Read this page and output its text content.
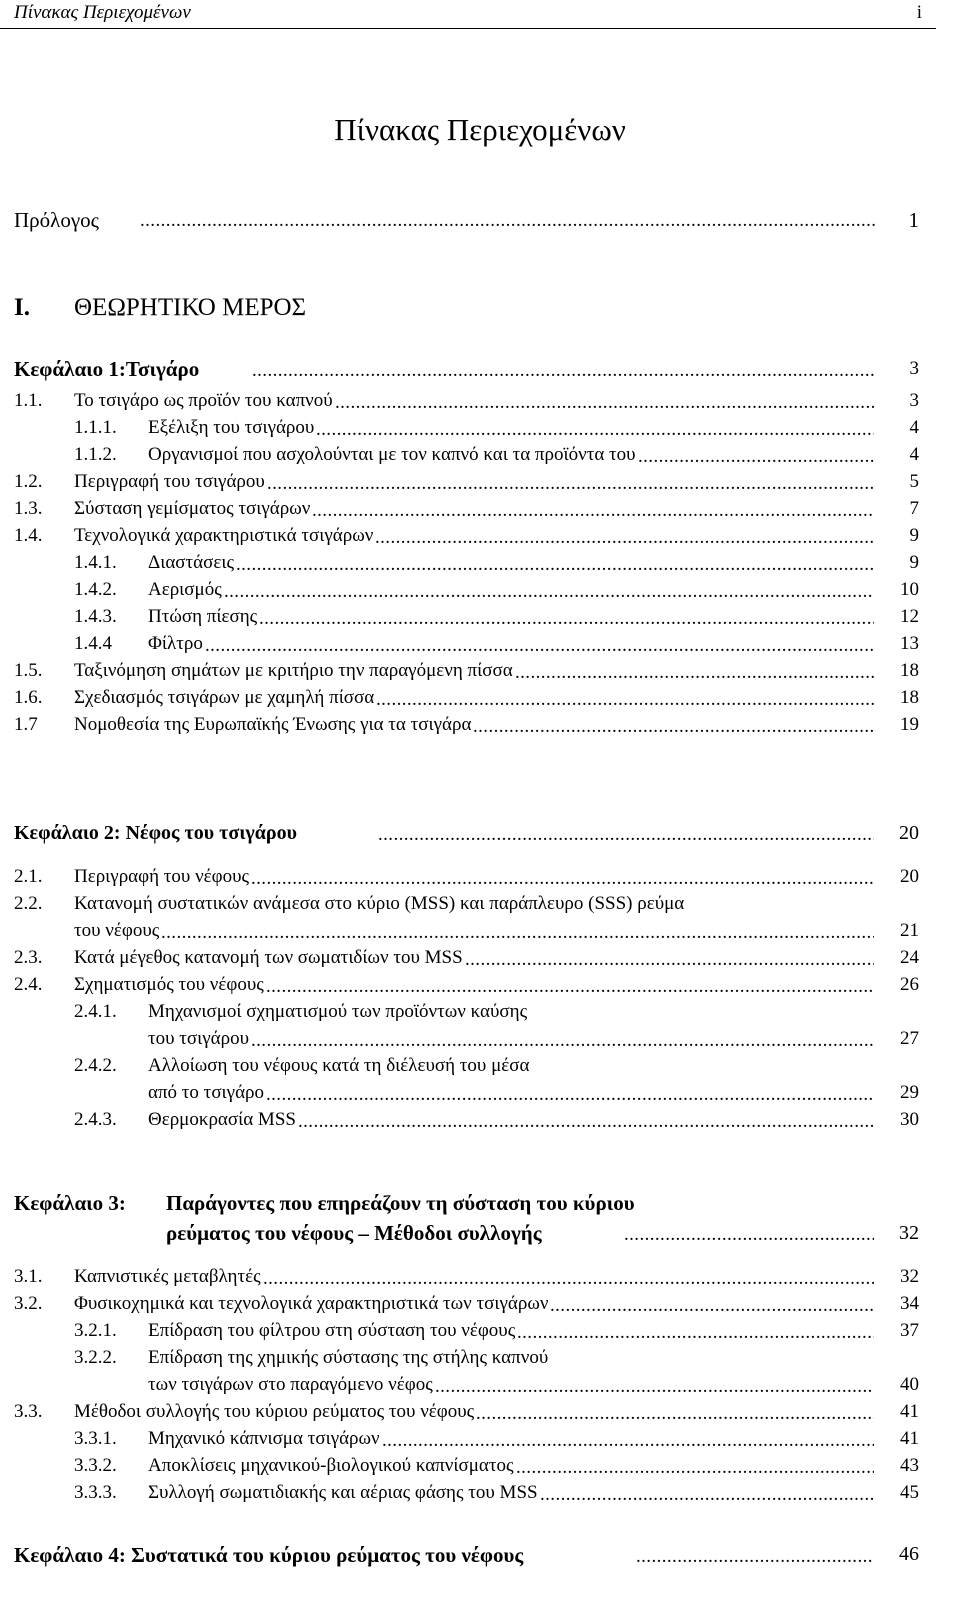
Πίνακας Περιεχομένων	i
Πίνακας Περιεχομένων
Πρόλογος .....	1
I. ΘΕΩΡΗΤΙΚΟ ΜΕΡΟΣ
Κεφάλαιο 1:Τσιγάρο .....	3
1.1. Το τσιγάρο ως προϊόν του καπνού .....	3
1.1.1. Εξέλιξη του τσιγάρου .....	4
1.1.2. Οργανισμοί που ασχολούνται με τον καπνό και τα προϊόντα του .....	4
1.2. Περιγραφή του τσιγάρου .....	5
1.3. Σύσταση γεμίσματος τσιγάρων .....	7
1.4. Τεχνολογικά χαρακτηριστικά τσιγάρων .....	9
1.4.1. Διαστάσεις .....	9
1.4.2. Αερισμός .....	10
1.4.3. Πτώση πίεσης .....	12
1.4.4 Φίλτρο .....	13
1.5. Ταξινόμηση σημάτων με κριτήριο την παραγόμενη πίσσα .....	18
1.6. Σχεδιασμός τσιγάρων με χαμηλή πίσσα .....	18
1.7 Νομοθεσία της Ευρωπαϊκής Ένωσης για τα τσιγάρα .....	19
Κεφάλαιο 2: Νέφος του τσιγάρου .....	20
2.1. Περιγραφή του νέφους .....	20
2.2. Κατανομή συστατικών ανάμεσα στο κύριο (MSS) και παράπλευρο (SSS) ρεύμα
του νέφους .....	21
2.3. Κατά μέγεθος κατανομή των σωματιδίων του MSS .....	24
2.4. Σχηματισμός του νέφους .....	26
2.4.1. Μηχανισμοί σχηματισμού των προϊόντων καύσης
του τσιγάρου .....	27
2.4.2. Αλλοίωση του νέφους κατά τη διέλευσή του μέσα
από το τσιγάρο .....	29
2.4.3. Θερμοκρασία MSS .....	30
Κεφάλαιο 3: Παράγοντες που επηρεάζουν τη σύσταση του κύριου
ρεύματος του νέφους – Μέθοδοι συλλογής .....	32
3.1. Καπνιστικές μεταβλητές .....	32
3.2. Φυσικοχημικά και τεχνολογικά χαρακτηριστικά των τσιγάρων .....	34
3.2.1. Επίδραση του φίλτρου στη σύσταση του νέφους .....	37
3.2.2. Επίδραση της χημικής σύστασης της στήλης καπνού
των τσιγάρων στο παραγόμενο νέφος .....	40
3.3. Μέθοδοι συλλογής του κύριου ρεύματος του νέφους .....	41
3.3.1. Μηχανικό κάπνισμα τσιγάρων .....	41
3.3.2. Αποκλίσεις μηχανικού-βιολογικού καπνίσματος .....	43
3.3.3. Συλλογή σωματιδιακής και αέριας φάσης του MSS .....	45
Κεφάλαιο 4: Συστατικά του κύριου ρεύματος του νέφους .....	46
